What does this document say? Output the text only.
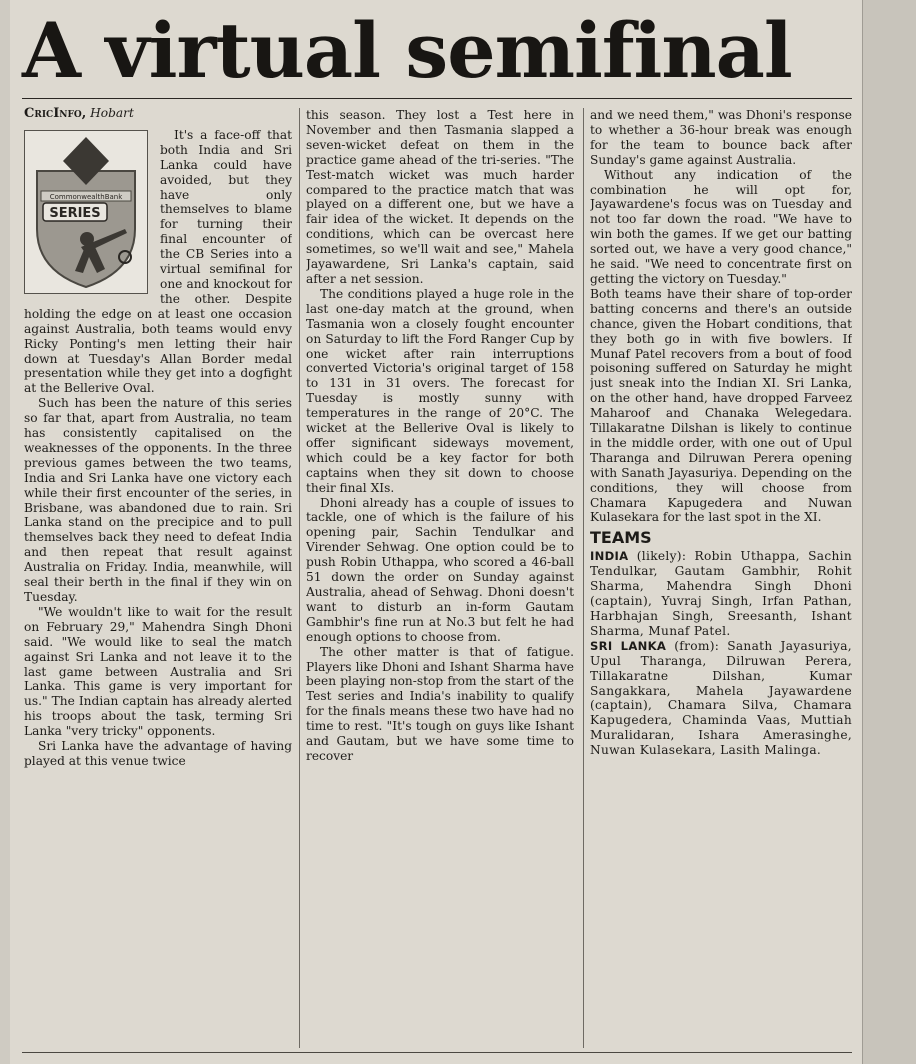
A virtual semifinal
CricInfo, Hobart
CommonwealthBank
SERIES

It's a face-off that both India and Sri Lanka could have avoided, but they have only themselves to blame for turning their final encounter of the CB Series into a virtual semifinal for one and knockout for the other. Despite holding the edge on at least one occasion against Australia, both teams would envy Ricky Ponting's men letting their hair down at Tuesday's Allan Border medal presentation while they get into a dogfight at the Bellerive Oval.

Such has been the nature of this series so far that, apart from Australia, no team has consistently capitalised on the weaknesses of the opponents. In the three previous games between the two teams, India and Sri Lanka have one victory each while their first encounter of the series, in Brisbane, was abandoned due to rain. Sri Lanka stand on the precipice and to pull themselves back they need to defeat India and then repeat that result against Australia on Friday. India, meanwhile, will seal their berth in the final if they win on Tuesday.

"We wouldn't like to wait for the result on February 29," Mahendra Singh Dhoni said. "We would like to seal the match against Sri Lanka and not leave it to the last game between Australia and Sri Lanka. This game is very important for us." The Indian captain has already alerted his troops about the task, terming Sri Lanka "very tricky" opponents.

Sri Lanka have the advantage of having played at this venue twice

this season. They lost a Test here in November and then Tasmania slapped a seven-wicket defeat on them in the practice game ahead of the tri-series. "The Test-match wicket was much harder compared to the practice match that was played on a different one, but we have a fair idea of the wicket. It depends on the conditions, which can be overcast here sometimes, so we'll wait and see," Mahela Jayawardene, Sri Lanka's captain, said after a net session.

The conditions played a huge role in the last one-day match at the ground, when Tasmania won a closely fought encounter on Saturday to lift the Ford Ranger Cup by one wicket after rain interruptions converted Victoria's original target of 158 to 131 in 31 overs. The forecast for Tuesday is mostly sunny with temperatures in the range of 20°C. The wicket at the Bellerive Oval is likely to offer significant sideways movement, which could be a key factor for both captains when they sit down to choose their final XIs.

Dhoni already has a couple of issues to tackle, one of which is the failure of his opening pair, Sachin Tendulkar and Virender Sehwag. One option could be to push Robin Uthappa, who scored a 46-ball 51 down the order on Sunday against Australia, ahead of Sehwag. Dhoni doesn't want to disturb an in-form Gautam Gambhir's fine run at No.3 but felt he had enough options to choose from.

The other matter is that of fatigue. Players like Dhoni and Ishant Sharma have been playing non-stop from the start of the Test series and India's inability to qualify for the finals means these two have had no time to rest. "It's tough on guys like Ishant and Gautam, but we have some time to recover

and we need them," was Dhoni's response to whether a 36-hour break was enough for the team to bounce back after Sunday's game against Australia.

Without any indication of the combination he will opt for, Jayawardene's focus was on Tuesday and not too far down the road. "We have to win both the games. If we get our batting sorted out, we have a very good chance," he said. "We need to concentrate first on getting the victory on Tuesday."

Both teams have their share of top-order batting concerns and there's an outside chance, given the Hobart conditions, that they both go in with five bowlers. If Munaf Patel recovers from a bout of food poisoning suffered on Saturday he might just sneak into the Indian XI. Sri Lanka, on the other hand, have dropped Farveez Maharoof and Chanaka Welegedara. Tillakaratne Dilshan is likely to continue in the middle order, with one out of Upul Tharanga and Dilruwan Perera opening with Sanath Jayasuriya. Depending on the conditions, they will choose from Chamara Kapugedera and Nuwan Kulasekara for the last spot in the XI.

TEAMS

INDIA (likely): Robin Uthappa, Sachin Tendulkar, Gautam Gambhir, Rohit Sharma, Mahendra Singh Dhoni (captain), Yuvraj Singh, Irfan Pathan, Harbhajan Singh, Sreesanth, Ishant Sharma, Munaf Patel.

SRI LANKA (from): Sanath Jayasuriya, Upul Tharanga, Dilruwan Perera, Tillakaratne Dilshan, Kumar Sangakkara, Mahela Jayawardene (captain), Chamara Silva, Chamara Kapugedera, Chaminda Vaas, Muttiah Muralidaran, Ishara Amerasinghe, Nuwan Kulasekara, Lasith Malinga.
